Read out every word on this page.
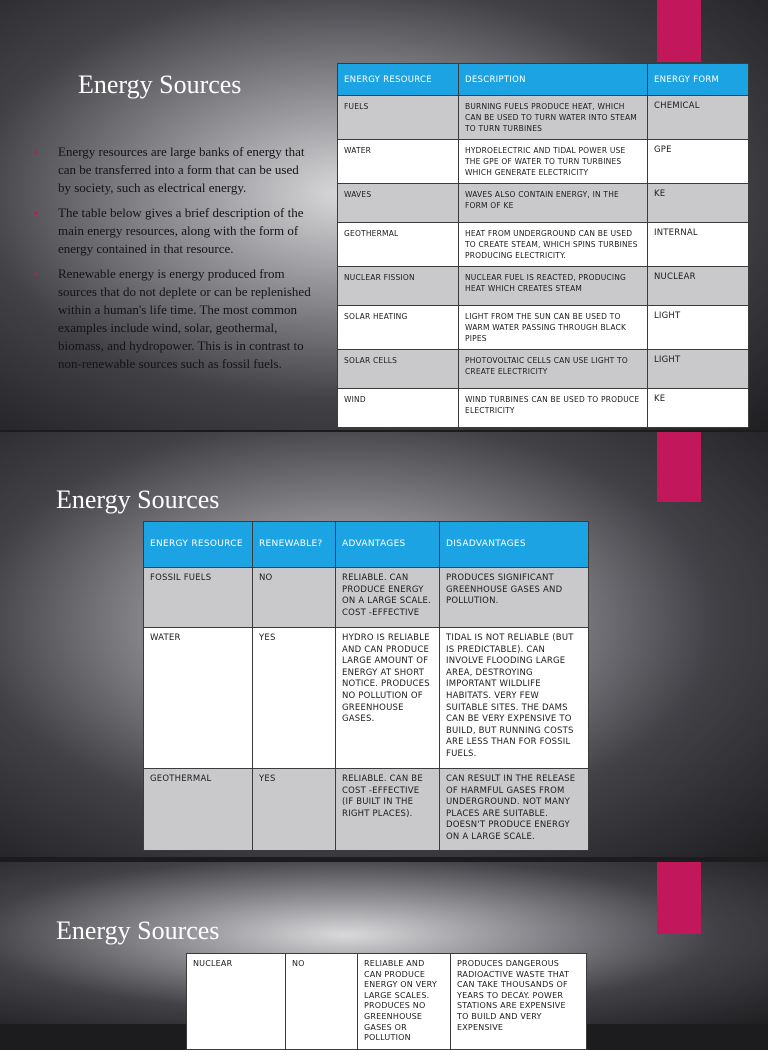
Energy Sources
▪ Energy resources are large banks of energy that can be transferred into a form that can be used by society, such as electrical energy.
▪ The table below gives a brief description of the main energy resources, along with the form of energy contained in that resource.
▪ Renewable energy is energy produced from sources that do not deplete or can be replenished within a human's life time. The most common examples include wind, solar, geothermal, biomass, and hydropower. This is in contrast to non-renewable sources such as fossil fuels.
ENERGY RESOURCE	DESCRIPTION	ENERGY FORM
FUELS	BURNING FUELS PRODUCE HEAT, WHICH CAN BE USED TO TURN WATER INTO STEAM TO TURN TURBINES	CHEMICAL
WATER	HYDROELECTRIC AND TIDAL POWER USE THE GPE OF WATER TO TURN TURBINES WHICH GENERATE ELECTRICITY	GPE
WAVES	WAVES ALSO CONTAIN ENERGY, IN THE FORM OF KE	KE
GEOTHERMAL	HEAT FROM UNDERGROUND CAN BE USED TO CREATE STEAM, WHICH SPINS TURBINES PRODUCING ELECTRICITY.	INTERNAL
NUCLEAR FISSION	NUCLEAR FUEL IS REACTED, PRODUCING HEAT WHICH CREATES STEAM	NUCLEAR
SOLAR HEATING	LIGHT FROM THE SUN CAN BE USED TO WARM WATER PASSING THROUGH BLACK PIPES	LIGHT
SOLAR CELLS	PHOTOVOLTAIC CELLS CAN USE LIGHT TO CREATE ELECTRICITY	LIGHT
WIND	WIND TURBINES CAN BE USED TO PRODUCE ELECTRICITY	KE
Energy Sources
ENERGY RESOURCE	RENEWABLE?	ADVANTAGES	DISADVANTAGES
FOSSIL FUELS	NO	RELIABLE. CAN PRODUCE ENERGY ON A LARGE SCALE. COST -EFFECTIVE	PRODUCES SIGNIFICANT GREENHOUSE GASES AND POLLUTION.
WATER	YES	HYDRO IS RELIABLE AND CAN PRODUCE LARGE AMOUNT OF ENERGY AT SHORT NOTICE. PRODUCES NO POLLUTION OF GREENHOUSE GASES.	TIDAL IS NOT RELIABLE (BUT IS PREDICTABLE). CAN INVOLVE FLOODING LARGE AREA, DESTROYING IMPORTANT WILDLIFE HABITATS. VERY FEW SUITABLE SITES. THE DAMS CAN BE VERY EXPENSIVE TO BUILD, BUT RUNNING COSTS ARE LESS THAN FOR FOSSIL FUELS.
GEOTHERMAL	YES	RELIABLE. CAN BE COST -EFFECTIVE (IF BUILT IN THE RIGHT PLACES).	CAN RESULT IN THE RELEASE OF HARMFUL GASES FROM UNDERGROUND. NOT MANY PLACES ARE SUITABLE. DOESN'T PRODUCE ENERGY ON A LARGE SCALE.
Energy Sources
NUCLEAR	NO	RELIABLE AND CAN PRODUCE ENERGY ON VERY LARGE SCALES. PRODUCES NO GREENHOUSE GASES OR POLLUTION	PRODUCES DANGEROUS RADIOACTIVE WASTE THAT CAN TAKE THOUSANDS OF YEARS TO DECAY. POWER STATIONS ARE EXPENSIVE TO BUILD AND VERY EXPENSIVE
